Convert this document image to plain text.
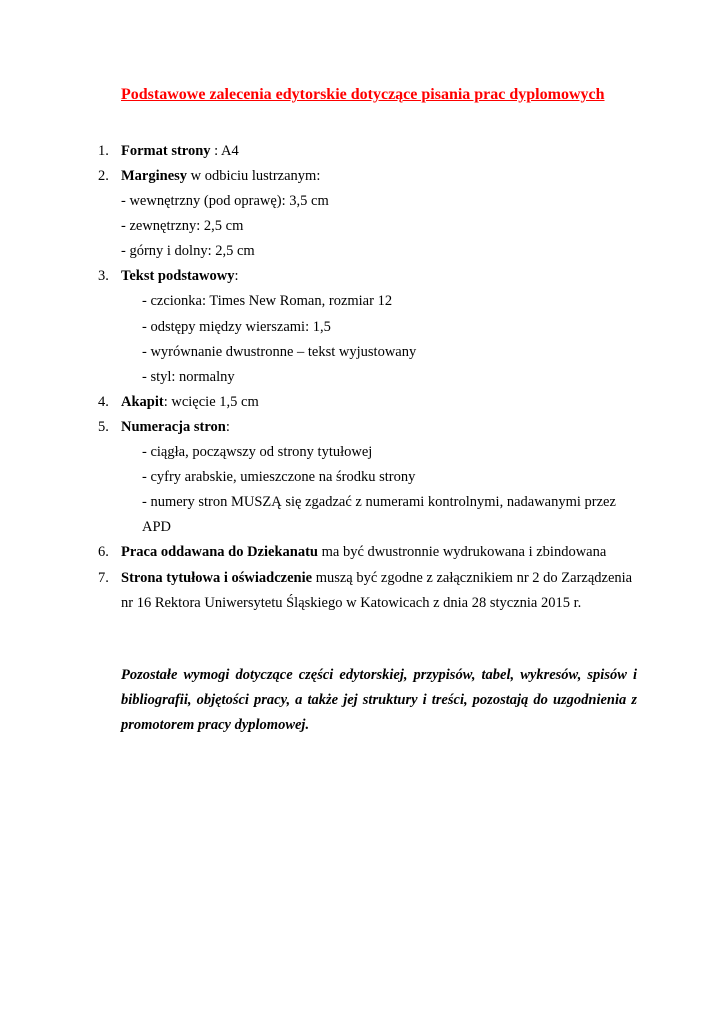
Podstawowe zalecenia edytorskie dotyczące pisania prac dyplomowych
1. Format strony : A4
2. Marginesy w odbiciu lustrzanym:
- wewnętrzny (pod oprawę): 3,5 cm
- zewnętrzny: 2,5 cm
- górny i dolny: 2,5 cm
3. Tekst podstawowy:
- czcionka: Times New Roman, rozmiar 12
- odstępy między wierszami: 1,5
- wyrównanie dwustronne – tekst wyjustowany
- styl: normalny
4. Akapit: wcięcie 1,5 cm
5. Numeracja stron:
- ciągła, począwszy od strony tytułowej
- cyfry arabskie, umieszczone na środku strony
- numery stron MUSZĄ się zgadzać z numerami kontrolnymi, nadawanymi przez
APD
6. Praca oddawana do Dziekanatu ma być dwustronnie wydrukowana i zbindowana
7. Strona tytułowa i oświadczenie muszą być zgodne z załącznikiem nr 2 do Zarządzenia
nr 16 Rektora Uniwersytetu Śląskiego w Katowicach z dnia 28 stycznia 2015 r.
Pozostałe wymogi dotyczące części edytorskiej, przypisów, tabel, wykresów, spisów i bibliografii, objętości pracy, a także jej struktury i treści, pozostają do uzgodnienia z promotorem pracy dyplomowej.
